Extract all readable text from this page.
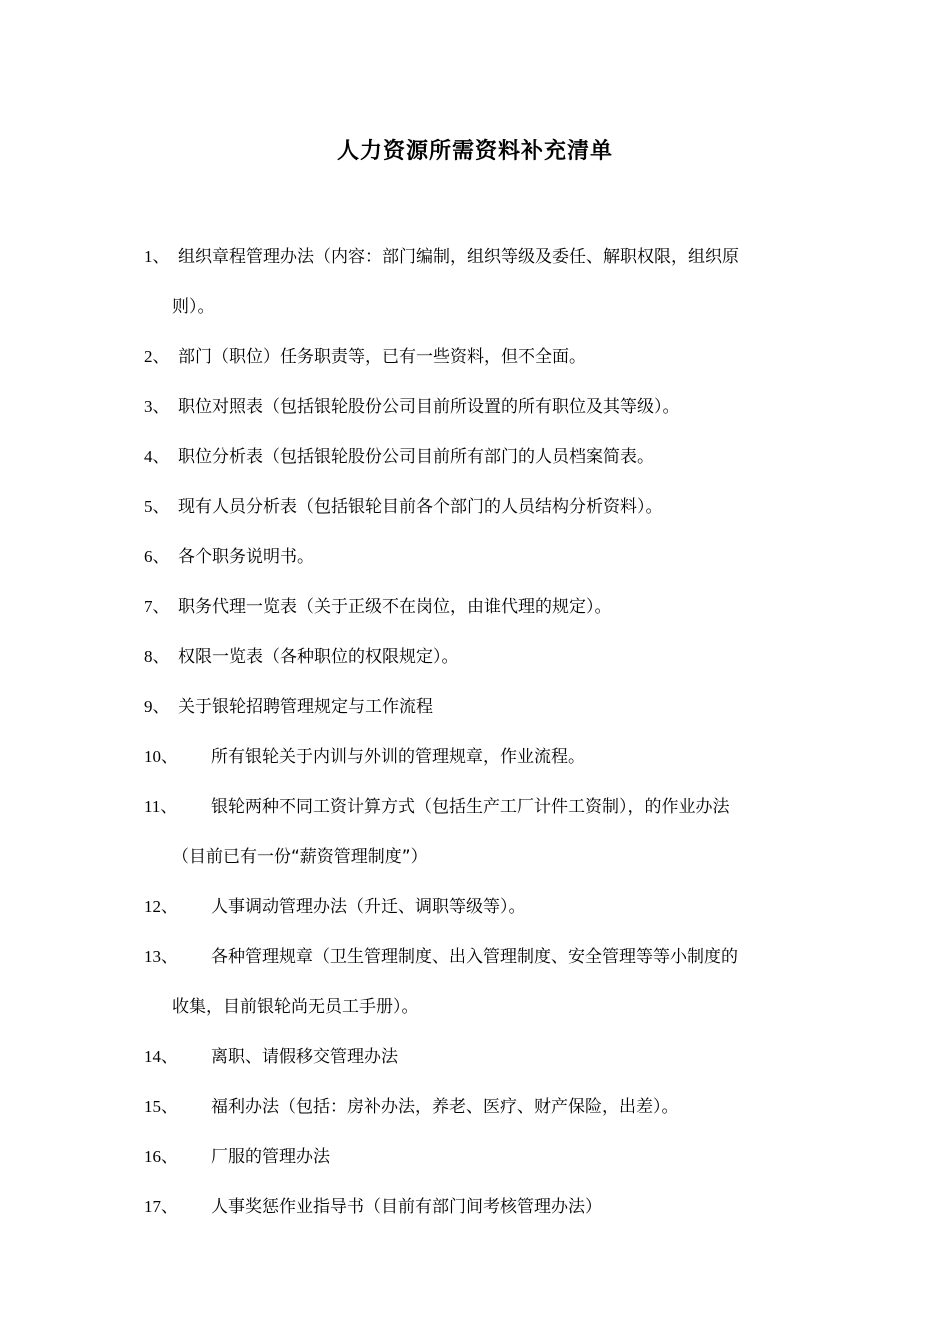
人力资源所需资料补充清单
1、 组织章程管理办法（内容：部门编制，组织等级及委任、解职权限，组织原
则）。
2、 部门（职位）任务职责等，已有一些资料，但不全面。
3、 职位对照表（包括银轮股份公司目前所设置的所有职位及其等级）。
4、 职位分析表（包括银轮股份公司目前所有部门的人员档案简表。
5、 现有人员分析表（包括银轮目前各个部门的人员结构分析资料）。
6、 各个职务说明书。
7、 职务代理一览表（关于正级不在岗位，由谁代理的规定）。
8、 权限一览表（各种职位的权限规定）。
9、 关于银轮招聘管理规定与工作流程
10、 所有银轮关于内训与外训的管理规章，作业流程。
11、 银轮两种不同工资计算方式（包括生产工厂计件工资制），的作业办法
（目前已有一份“薪资管理制度”）
12、 人事调动管理办法（升迁、调职等级等）。
13、 各种管理规章（卫生管理制度、出入管理制度、安全管理等等小制度的
收集，目前银轮尚无员工手册）。
14、 离职、请假移交管理办法
15、 福利办法（包括：房补办法，养老、医疗、财产保险，出差）。
16、 厂服的管理办法
17、 人事奖惩作业指导书（目前有部门间考核管理办法）
